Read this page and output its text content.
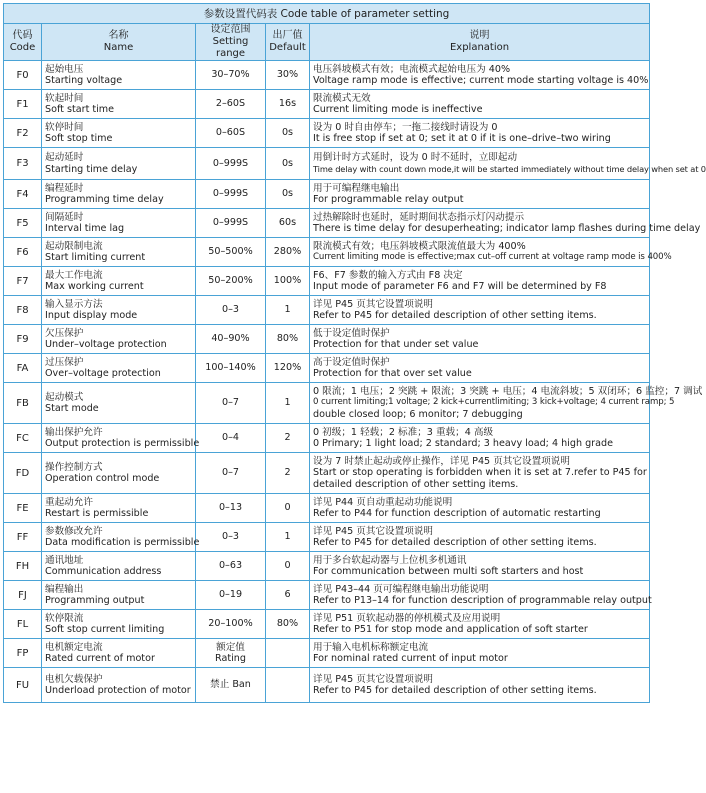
参数设置代码表 Code table of parameter setting				
代码
Code	名称
Name	设定范围
Setting range	出厂值
Default	说明
Explanation
F0	起始电压
Starting voltage	30–70%	30%	电压斜坡模式有效；电流模式起始电压为 40%
Voltage ramp mode is effective; current mode starting voltage is 40%

F1	软起时间
Soft start time	2–60S	16s	限流模式无效
Current limiting mode is ineffective

F2	软停时间
Soft stop time	0–60S	0s	设为 0 时自由停车；一拖二接线时请设为 0
It is free stop if set at 0; set it at 0 if it is one–drive–two wiring

F3	起动延时
Starting time delay	0–999S	0s	用倒计时方式延时，设为 0 时不延时，立即起动
Time delay with count down mode,it will be started immediately without time delay when set at 0

F4	编程延时
Programming time delay	0–999S	0s	用于可编程继电输出
For programmable relay output

F5	间隔延时
Interval time lag	0–999S	60s	过热解除时也延时，延时期间状态指示灯闪动提示
There is time delay for desuperheating; indicator lamp flashes during time delay

F6	起动限制电流
Start limiting current	50–500%	280%	限流模式有效；电压斜坡模式限流值最大为 400%
Current limiting mode is effective;max cut–off current at voltage ramp mode is 400%

F7	最大工作电流
Max working current	50–200%	100%	F6、F7 参数的输入方式由 F8 决定
Input mode of parameter F6 and F7 will be determined by F8

F8	输入显示方法
Input display mode	0–3	1	详见 P45 页其它设置项说明
Refer to P45 for detailed description of other setting items.

F9	欠压保护
Under–voltage protection	40–90%	80%	低于设定值时保护
Protection for that under set value

FA	过压保护
Over–voltage protection	100–140%	120%	高于设定值时保护
Protection for that over set value

FB	起动模式
Start mode	0–7	1	0 限流；1 电压；2 突跳 + 限流；3 突跳 + 电压；4 电流斜坡；5 双闭环；6 监控；7 调试
0 current limiting;1 voltage; 2 kick+currentlimiting; 3 kick+voltage; 4 current ramp; 5
double closed loop; 6 monitor; 7 debugging

FC	输出保护允许
Output protection is permissible	0–4	2	0 初级；1 轻载；2 标准；3 重载；4 高级
0 Primary; 1 light load; 2 standard; 3 heavy load; 4 high grade

FD	操作控制方式
Operation control mode	0–7	2	设为 7 时禁止起动或停止操作，详见 P45 页其它设置项说明
Start or stop operating is forbidden when it is set at 7.refer to P45 for
detailed description of other setting items.

FE	重起动允许
Restart is permissible	0–13	0	详见 P44 页自动重起动功能说明
Refer to P44 for function description of automatic restarting

FF	参数修改允许
Data modification is permissible	0–3	1	详见 P45 页其它设置项说明
Refer to P45 for detailed description of other setting items.

FH	通讯地址
Communication address	0–63	0	用于多台软起动器与上位机多机通讯
For communication between multi soft starters and host

FJ	编程输出
Programming output	0–19	6	详见 P43–44 页可编程继电输出功能说明
Refer to P13–14 for function description of programmable relay output

FL	软停限流
Soft stop current limiting	20–100%	80%	详见 P51 页软起动器的停机模式及应用说明
Refer to P51 for stop mode and application of soft starter

FP	电机额定电流
Rated current of motor	额定值
Rating		用于输入电机标称额定电流
For nominal rated current of input motor

FU	电机欠载保护
Underload protection of motor	禁止 Ban		详见 P45 页其它设置项说明
Refer to P45 for detailed description of other setting items.
